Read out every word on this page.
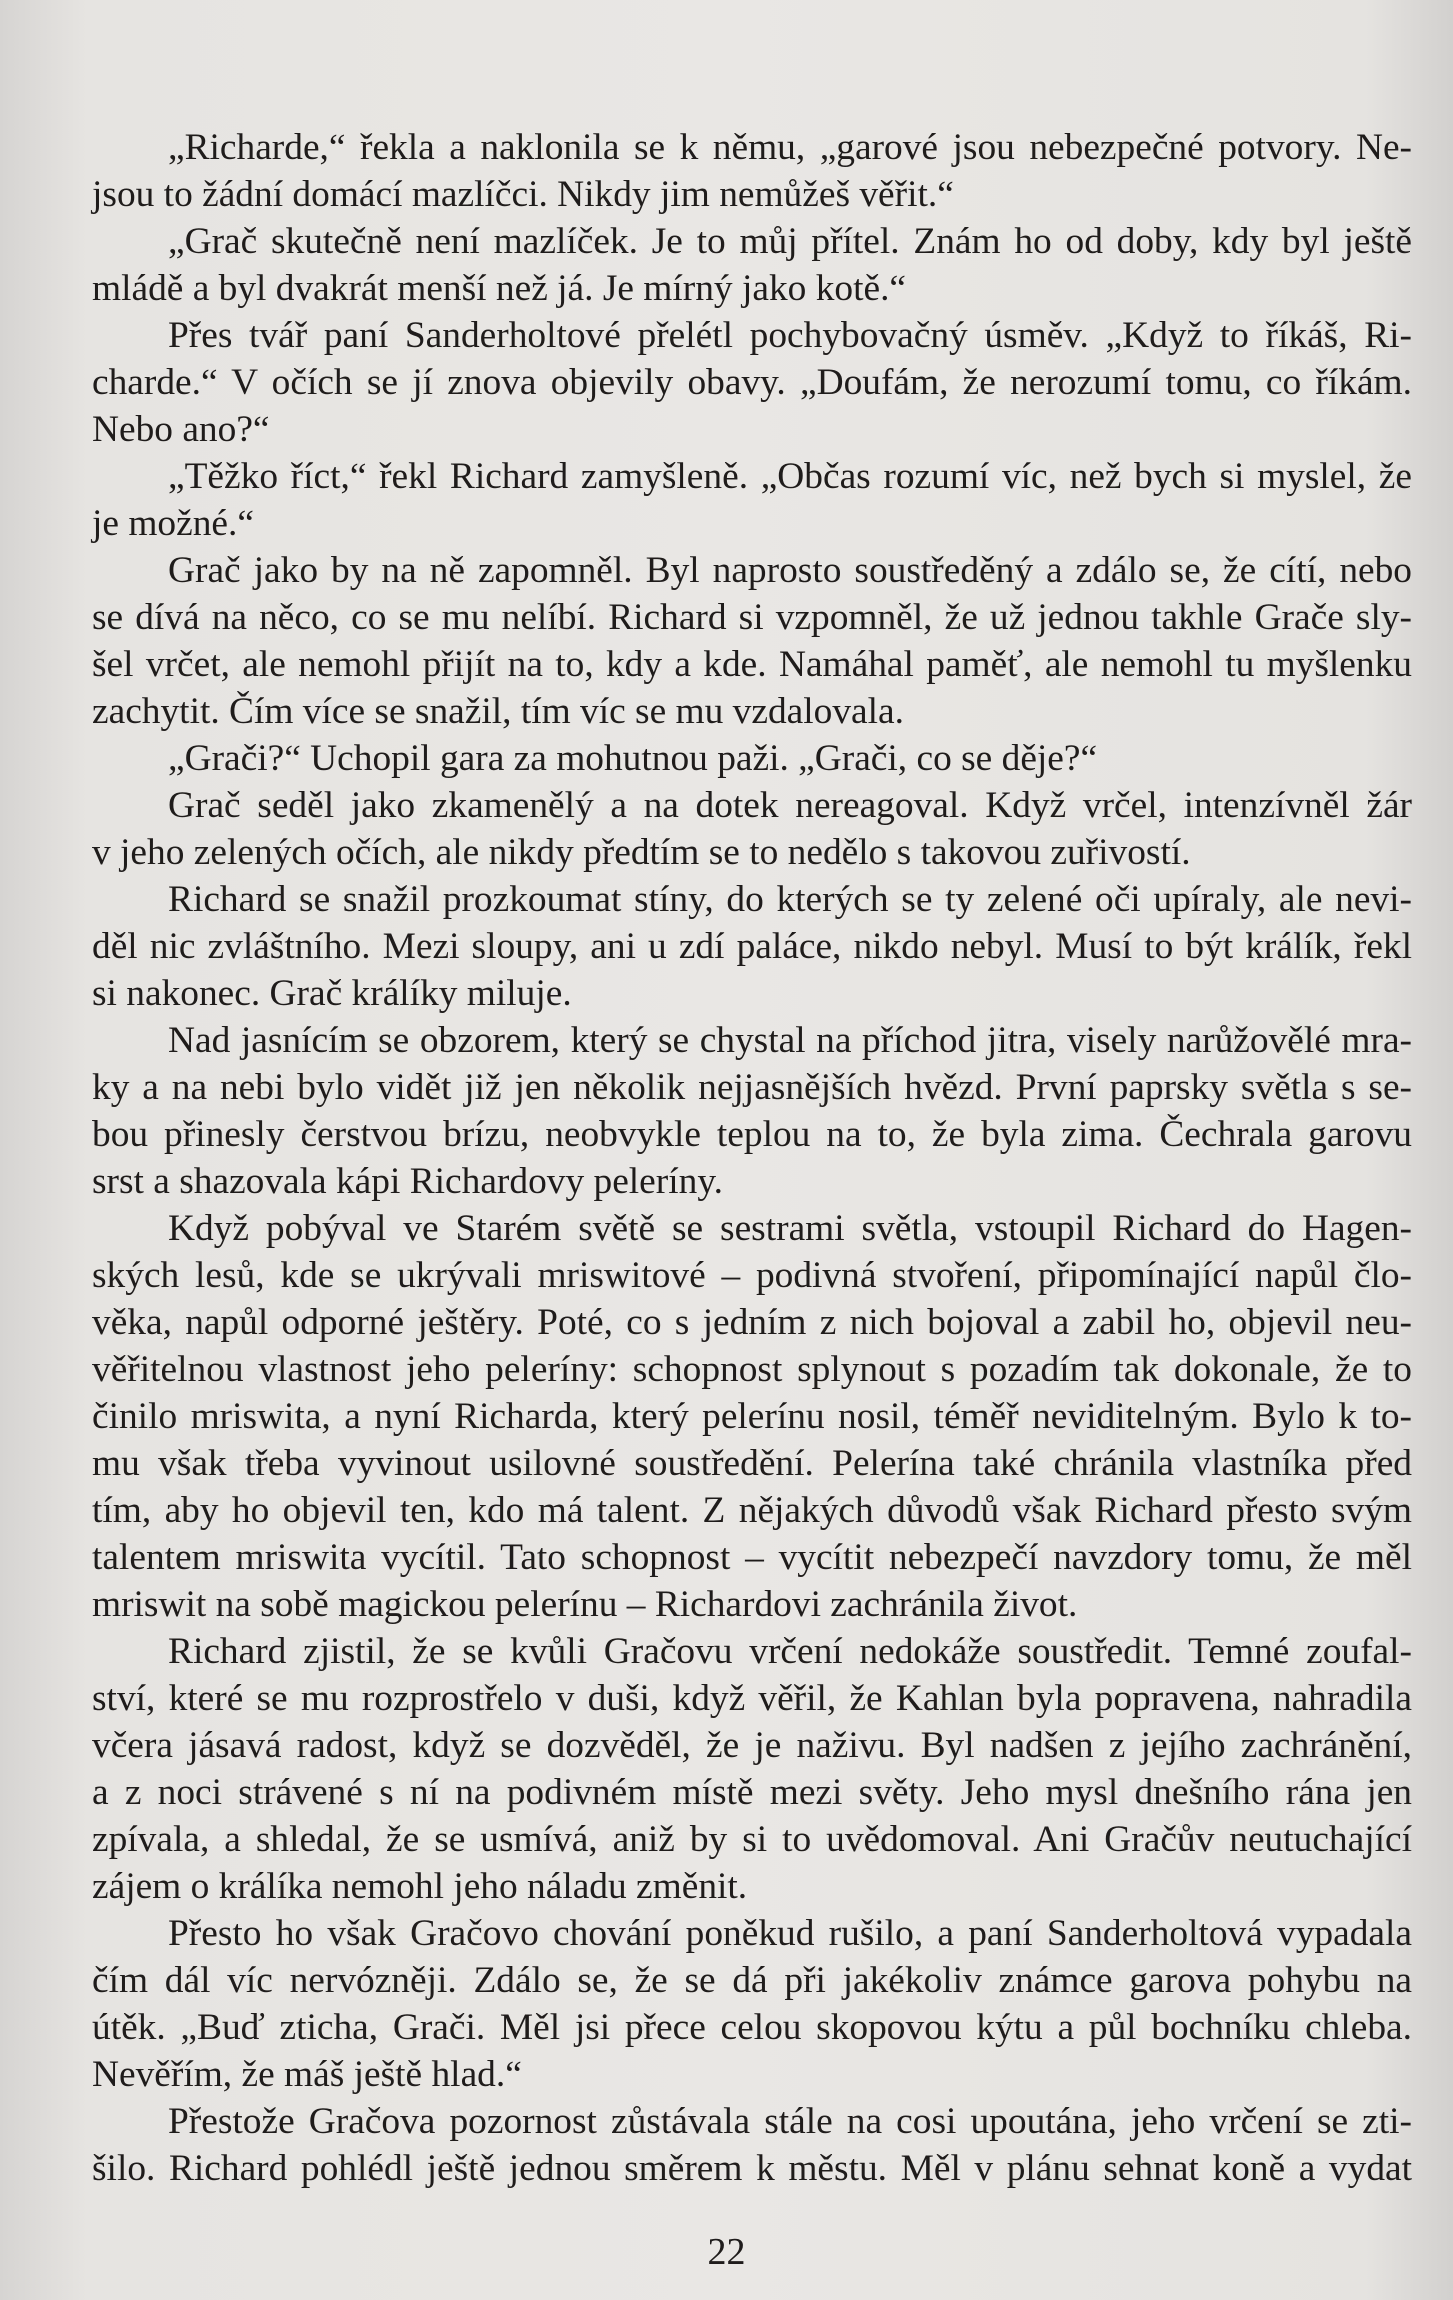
„Richarde,“ řekla a naklonila se k němu, „garové jsou nebezpečné potvory. Ne-
jsou to žádní domácí mazlíčci. Nikdy jim nemůžeš věřit.“
„Grač skutečně není mazlíček. Je to můj přítel. Znám ho od doby, kdy byl ještě
mládě a byl dvakrát menší než já. Je mírný jako kotě.“
Přes tvář paní Sanderholtové přelétl pochybovačný úsměv. „Když to říkáš, Ri-
charde.“ V očích se jí znova objevily obavy. „Doufám, že nerozumí tomu, co říkám.
Nebo ano?“
„Těžko říct,“ řekl Richard zamyšleně. „Občas rozumí víc, než bych si myslel, že
je možné.“
Grač jako by na ně zapomněl. Byl naprosto soustředěný a zdálo se, že cítí, nebo
se dívá na něco, co se mu nelíbí. Richard si vzpomněl, že už jednou takhle Grače sly-
šel vrčet, ale nemohl přijít na to, kdy a kde. Namáhal paměť, ale nemohl tu myšlenku
zachytit. Čím více se snažil, tím víc se mu vzdalovala.
„Grači?“ Uchopil gara za mohutnou paži. „Grači, co se děje?“
Grač seděl jako zkamenělý a na dotek nereagoval. Když vrčel, intenzívněl žár
v jeho zelených očích, ale nikdy předtím se to nedělo s takovou zuřivostí.
Richard se snažil prozkoumat stíny, do kterých se ty zelené oči upíraly, ale nevi-
děl nic zvláštního. Mezi sloupy, ani u zdí paláce, nikdo nebyl. Musí to být králík, řekl
si nakonec. Grač králíky miluje.
Nad jasnícím se obzorem, který se chystal na příchod jitra, visely narůžovělé mra-
ky a na nebi bylo vidět již jen několik nejjasnějších hvězd. První paprsky světla s se-
bou přinesly čerstvou brízu, neobvykle teplou na to, že byla zima. Čechrala garovu
srst a shazovala kápi Richardovy peleríny.
Když pobýval ve Starém světě se sestrami světla, vstoupil Richard do Hagen-
ských lesů, kde se ukrývali mriswitové – podivná stvoření, připomínající napůl člo-
věka, napůl odporné ještěry. Poté, co s jedním z nich bojoval a zabil ho, objevil neu-
věřitelnou vlastnost jeho peleríny: schopnost splynout s pozadím tak dokonale, že to
činilo mriswita, a nyní Richarda, který pelerínu nosil, téměř neviditelným. Bylo k to-
mu však třeba vyvinout usilovné soustředění. Pelerína také chránila vlastníka před
tím, aby ho objevil ten, kdo má talent. Z nějakých důvodů však Richard přesto svým
talentem mriswita vycítil. Tato schopnost – vycítit nebezpečí navzdory tomu, že měl
mriswit na sobě magickou pelerínu – Richardovi zachránila život.
Richard zjistil, že se kvůli Gračovu vrčení nedokáže soustředit. Temné zoufal-
ství, které se mu rozprostřelo v duši, když věřil, že Kahlan byla popravena, nahradila
včera jásavá radost, když se dozvěděl, že je naživu. Byl nadšen z jejího zachránění,
a z noci strávené s ní na podivném místě mezi světy. Jeho mysl dnešního rána jen
zpívala, a shledal, že se usmívá, aniž by si to uvědomoval. Ani Gračův neutuchající
zájem o králíka nemohl jeho náladu změnit.
Přesto ho však Gračovo chování poněkud rušilo, a paní Sanderholtová vypadala
čím dál víc nervózněji. Zdálo se, že se dá při jakékoliv známce garova pohybu na
útěk. „Buď zticha, Grači. Měl jsi přece celou skopovou kýtu a půl bochníku chleba.
Nevěřím, že máš ještě hlad.“
Přestože Gračova pozornost zůstávala stále na cosi upoutána, jeho vrčení se zti-
šilo. Richard pohlédl ještě jednou směrem k městu. Měl v plánu sehnat koně a vydat
22
